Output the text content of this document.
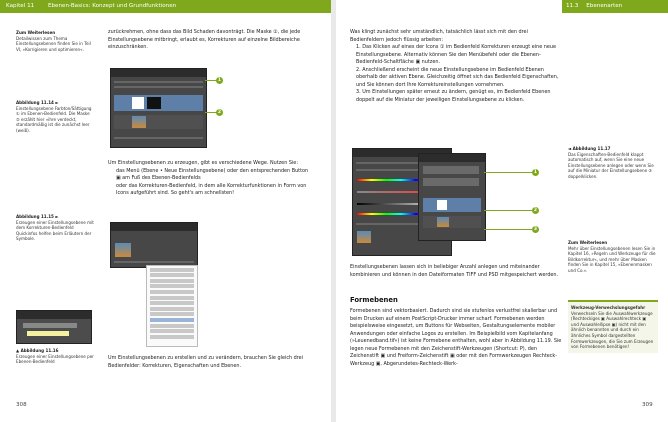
Kapitel 11 Ebenen-Basics: Konzept und Grundfunktionen
Zum Weiterlesen
Detailwissen zum Thema Einstellungsebenen finden Sie in Teil VI, »Korrigieren und optimieren«.
Abbildung 11.14 ►
Einstellungsebene Farbton/Sättigung ① im Ebenen-Bedienfeld. Die Maske ② erzählt hier »ihre verdeckt, standardmäßig ist die zunächst leer (weiß).
Abbildung 11.15 ►
Erzeugen einer Einstellungsebene mit dem Korrekturen-Bedienfeld Quickinfos helfen beim Erläutern der Symbole.
▲ Abbildung 11.16
Erzeugen einer Einstellungsebene per Ebenen-Bedienfeld

zurückrehmen, ohne dass das Bild Schaden davonträgt. Die Maske ②, die jede Einstellungsebene mitbringt, erlaubt es, Korrekturen auf einzelne Bildbereiche einzuschränken.

1
2

Um Einstellungsebenen zu erzeugen, gibt es verschiedene Wege. Nutzen Sie:

das Menü (Ebene • Neue Einstellungsebene) oder den entsprechenden Button ▣ am Fuß des Ebenen-Bedienfelds

oder das Korrekturen-Bedienfeld, in dem alle Korrekturfunktionen in Form von Icons aufgeführt sind. So geht's am schnellsten!

Um Einstellungsebenen zu erstellen und zu verändern, brauchen Sie gleich drei Bedienfelder: Korrekturen, Eigenschaften und Ebenen.

308
11.3 Ebenenarten

Was klingt zunächst sehr umständlich, tatsächlich lässt sich mit den drei Bedienfeldern jedoch flüssig arbeiten:

1. Das Klicken auf eines der Icons ① im Bedienfeld Korrekturen erzeugt eine neue Einstellungsebene. Alternativ können Sie den Menübefehl oder die Ebenen-Bedienfeld-Schaltfläche ▣ nutzen.

2. Anschließend erscheint die neue Einstellungsebene im Bedienfeld Ebenen oberhalb der aktiven Ebene. Gleichzeitig öffnet sich das Bedienfeld Eigenschaften, und Sie können dort Ihre Korrektureinstellungen vornehmen.

3. Um Einstellungen später erneut zu ändern, genügt es, im Bedienfeld Ebenen doppelt auf die Miniatur der jeweiligen Einstellungsebene zu klicken.

1
2
3
◄ Abbildung 11.17
Das Eigenschaften-Bedienfeld klappt automatisch auf, wenn Sie eine neue Einstellungsebene anlegen oder wenn Sie auf die Miniatur der Einstellungsebene ③ doppelklicken.
Zum Weiterlesen
Mehr über Einstellungsebenen lesen Sie in Kapitel 16, »Regeln und Werkzeuge für die Bildkorrektur«, und mehr über Masken finden Sie in Kapitel 15, »Ebenenmasken und Co.«.
Werkzeug-Verwechslungsgefahr
Verwechseln Sie die Auswahlwerkzeuge (Rechteckiges ▣ Auswahlrechteck ▣ und Auswahlellipse ▣) nicht mit den ähnlich benannten und durch ein ähnliches Symbol dargestellten Formwerkzeugen, die Sie zum Erzeugen von Formebenen benötigen!

Einstellungsebenen lassen sich in beliebiger Anzahl anlegen und miteinander kombinieren und können in den Dateiformaten TIFF und PSD mitgespeichert werden.

Formebenen

Formebenen sind vektorbasiert. Dadurch sind sie stufenlos verlustfrei skalierbar und beim Drucken auf einem PostScript-Drucker immer scharf. Formebenen werden beispielsweise eingesetzt, um Buttons für Webseiten, Gestaltungselemente mobiler Anwendungen oder einfache Logos zu erstellen. Im Beispielbild vom Kapitelanfang (»Leuenedband.tif«) ist keine Formebene enthalten, wohl aber in Abbildung 11.19. Sie legen neue Formebenen mit den Zeichenstift-Werkzeugen (Shortcut: P), den Zeichenstift ▣ und Freiform-Zeichenstift ▣ oder mit den Formwerkzeugen Rechteck-Werkzeug ▣, Abgerundetes-Rechteck-Werk-

309
